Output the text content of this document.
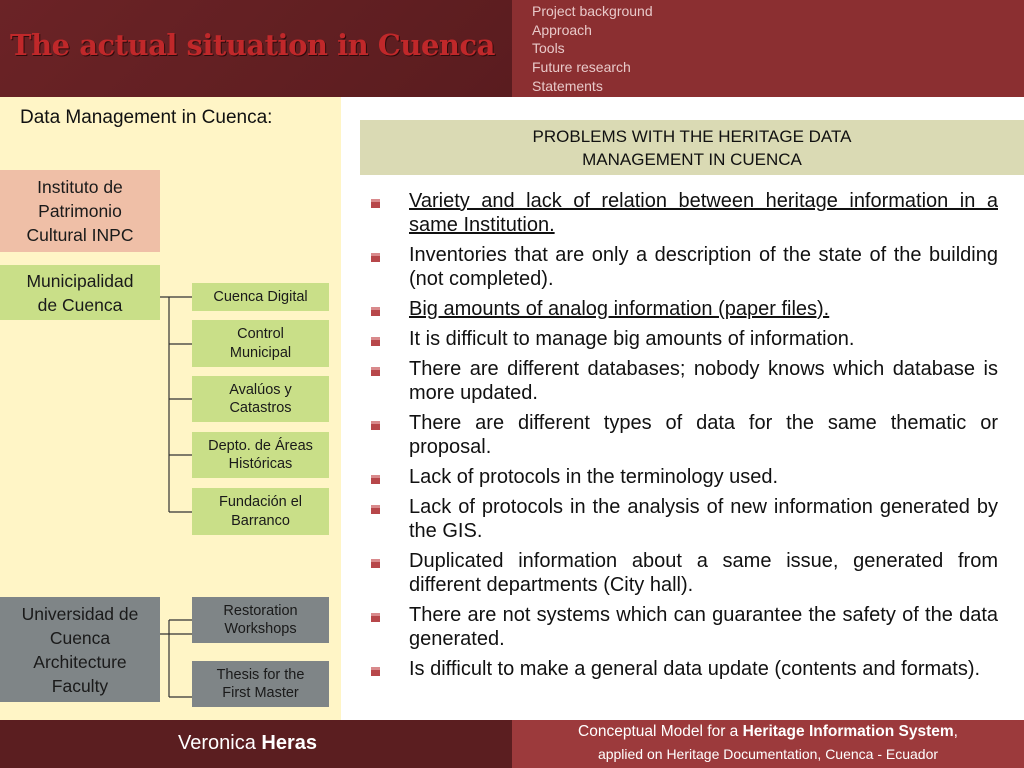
The actual situation in Cuenca
Project background
Approach
Tools
Future research
Statements
Data Management in Cuenca:
Instituto de
Patrimonio
Cultural INPC
Municipalidad
de Cuenca	Cuenca Digital
Control
Municipal
Avalúos y
Catastros
Depto. de Áreas
Históricas
Fundación el
Barranco
Universidad de
Cuenca
Architecture
Faculty
Restoration
Workshops
Thesis for the
First Master
PROBLEMS WITH THE HERITAGE DATA
MANAGEMENT IN CUENCA
Variety and lack of relation between heritage information in a same Institution.
Inventories that are only a description of the state of the building (not completed).
Big amounts of analog information (paper files).
It is difficult to manage big amounts of information.
There are different databases; nobody knows which database is more updated.
There are different types of data for the same thematic or proposal.
Lack of protocols in the terminology used.
Lack of protocols in the analysis of new information generated by the GIS.
Duplicated information about a same issue, generated from different departments (City hall).
There are not systems which can guarantee the safety of the data generated.
Is difficult to make a general data update (contents and formats).
Veronica Heras
Conceptual Model for a Heritage Information System,
applied on Heritage Documentation, Cuenca - Ecuador
